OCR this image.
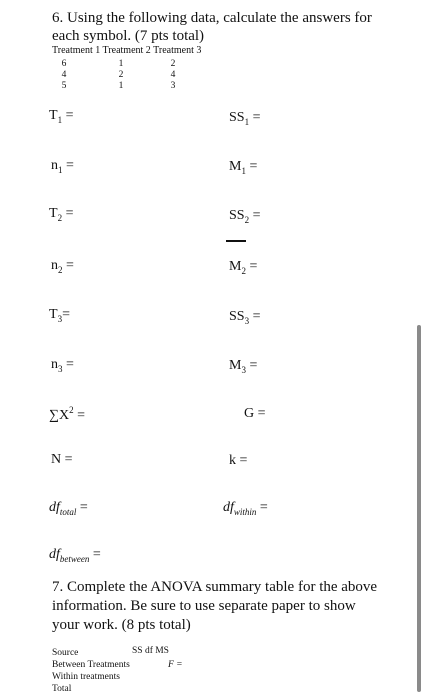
6. Using the following data, calculate the answers for
each symbol. (7 pts total)
Treatment 1 Treatment 2 Treatment 3
6	1	2
4	2	4
5	1	3
$T_1$ =	$SS_1$ =
$n_1$ =	$M_1$ =
$T_2$ =	$SS_2$ =
$n_2$ =	$M_2$ =
$T_3=$	$SS_3$ =
$n_3$ =	$M_3$ =
$\sum X^2$ =	G =
N =	k =
$df_{total}$ =	$df_{within}$ =
$df_{between}$ =
7. Complete the ANOVA summary table for the above
information. Be sure to use separate paper to show
your work. (8 pts total)
Source	SS df MS
Between Treatments	F =
Within treatments
Total
